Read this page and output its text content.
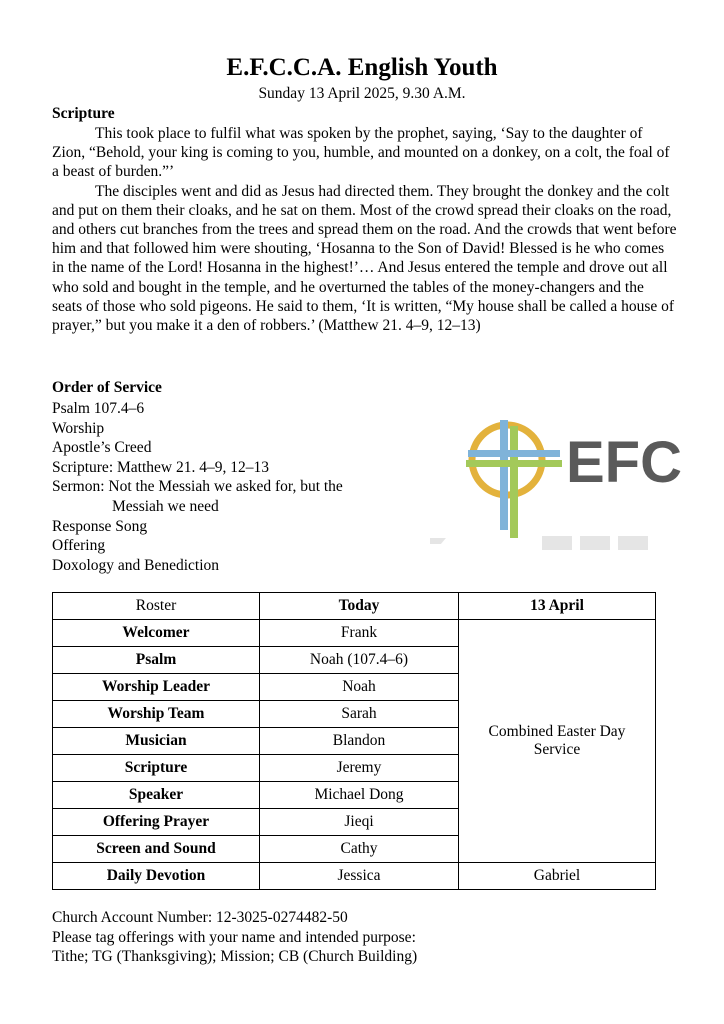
E.F.C.C.A. English Youth
Sunday 13 April 2025, 9.30 A.M.
Scripture

This took place to fulfil what was spoken by the prophet, saying, ‘Say to the daughter of Zion, “Behold, your king is coming to you, humble, and mounted on a donkey, on a colt, the foal of a beast of burden.”’

The disciples went and did as Jesus had directed them. They brought the donkey and the colt and put on them their cloaks, and he sat on them. Most of the crowd spread their cloaks on the road, and others cut branches from the trees and spread them on the road. And the crowds that went before him and that followed him were shouting, ‘Hosanna to the Son of David! Blessed is he who comes in the name of the Lord! Hosanna in the highest!’… And Jesus entered the temple and drove out all who sold and bought in the temple, and he overturned the tables of the money-changers and the seats of those who sold pigeons. He said to them, ‘It is written, “My house shall be called a house of prayer,” but you make it a den of robbers.’ (Matthew 21. 4–9, 12–13)

Order of Service
Psalm 107.4–6
Worship
Apostle’s Creed
Scripture: Matthew 21. 4–9, 12–13
Sermon: Not the Messiah we asked for, but the
Messiah we need
Response Song
Offering
Doxology and Benediction
EFC
Roster	Today	13 April
Welcomer	Frank	Combined Easter Day Service
Psalm	Noah (107.4–6)	
Worship Leader	Noah	
Worship Team	Sarah	
Musician	Blandon	
Scripture	Jeremy	
Speaker	Michael Dong	
Offering Prayer	Jieqi	
Screen and Sound	Cathy	
Daily Devotion	Jessica	Gabriel
Church Account Number: 12-3025-0274482-50
Please tag offerings with your name and intended purpose:
Tithe; TG (Thanksgiving); Mission; CB (Church Building)
